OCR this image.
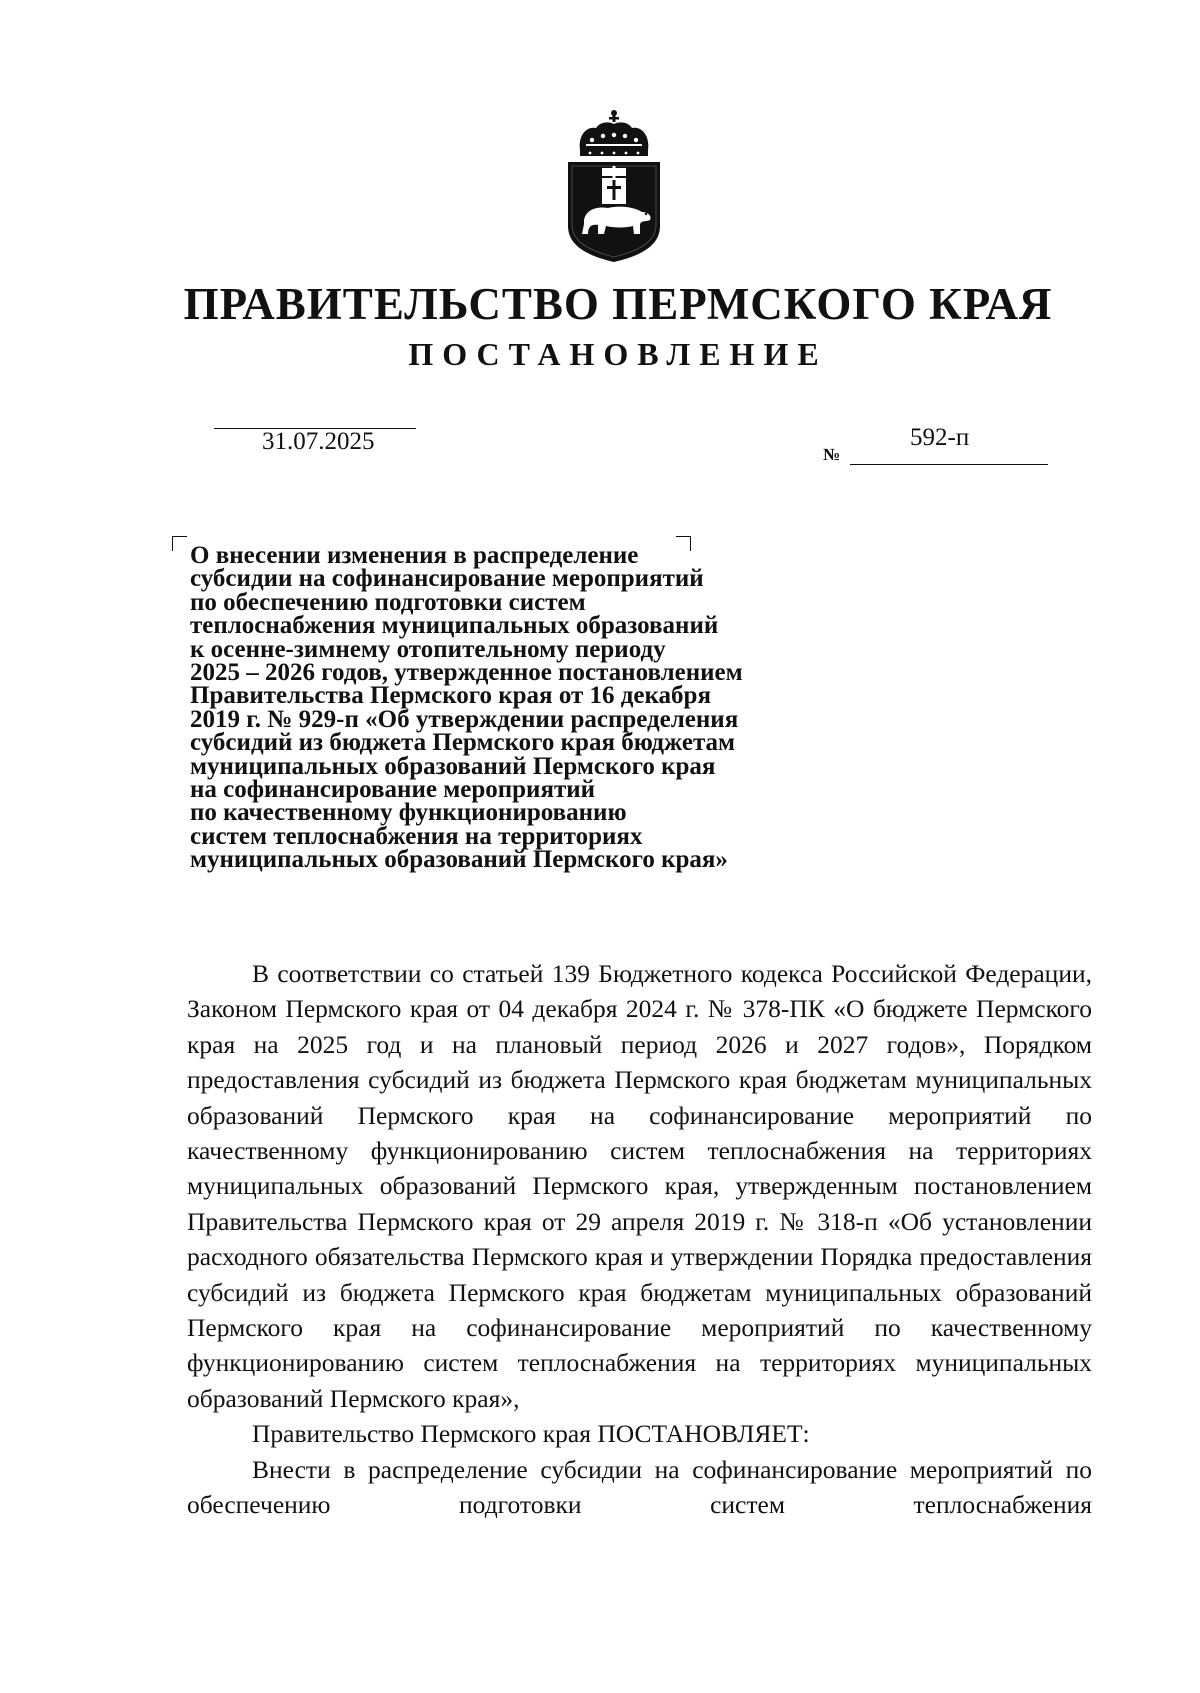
ПРАВИТЕЛЬСТВО ПЕРМСКОГО КРАЯ
ПОСТАНОВЛЕНИЕ
31.07.2025	№
592-п
О внесении изменения в распределение
субсидии на софинансирование мероприятий
по обеспечению подготовки систем
теплоснабжения муниципальных образований
к осенне-зимнему отопительному периоду
2025 – 2026 годов, утвержденное постановлением
Правительства Пермского края от 16 декабря
2019 г. № 929-п «Об утверждении распределения
субсидий из бюджета Пермского края бюджетам
муниципальных образований Пермского края
на софинансирование мероприятий
по качественному функционированию
систем теплоснабжения на территориях
муниципальных образований Пермского края»

В соответствии со статьей 139 Бюджетного кодекса Российской Федерации, Законом Пермского края от 04 декабря 2024 г. № 378-ПК «О бюджете Пермского края на 2025 год и на плановый период 2026 и 2027 годов», Порядком предоставления субсидий из бюджета Пермского края бюджетам муниципальных образований Пермского края на софинансирование мероприятий по качественному функционированию систем теплоснабжения на территориях муниципальных образований Пермского края, утвержденным постановлением Правительства Пермского края от 29 апреля 2019 г. № 318-п «Об установлении расходного обязательства Пермского края и утверждении Порядка предоставления субсидий из бюджета Пермского края бюджетам муниципальных образований Пермского края на софинансирование мероприятий по качественному функционированию систем теплоснабжения на территориях муниципальных образований Пермского края»,

Правительство Пермского края ПОСТАНОВЛЯЕТ:

Внести в распределение субсидии на софинансирование мероприятий по обеспечению подготовки систем теплоснабжения
